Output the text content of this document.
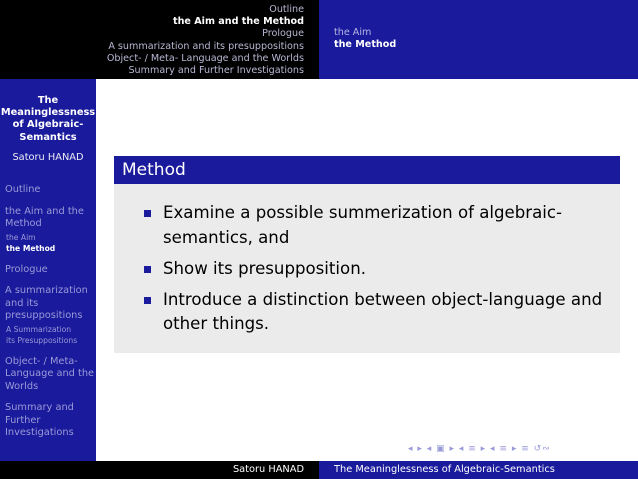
Outline
the Aim and the Method
Prologue
A summarization and its presuppositions
Object- / Meta- Language and the Worlds
Summary and Further Investigations
the Aim
the Method
The
Meaninglessness
of Algebraic-
Semantics
Satoru HANAD
Outline
the Aim and the Method
the Aim
the Method
Prologue
A summarization and its presuppositions
A Summarization
its Presuppositions
Object- / Meta- Language and the Worlds
Summary and Further Investigations
Method
Examine a possible summerization of algebraic-semantics, and
Show its presupposition.
Introduce a distinction between object-language and other things.
◂ ▸ ◂ ▣ ▸ ◂ ≡ ▸ ◂ ≡ ▸ ≡ ↺∾
Satoru HANAD	The Meaninglessness of Algebraic-Semantics
